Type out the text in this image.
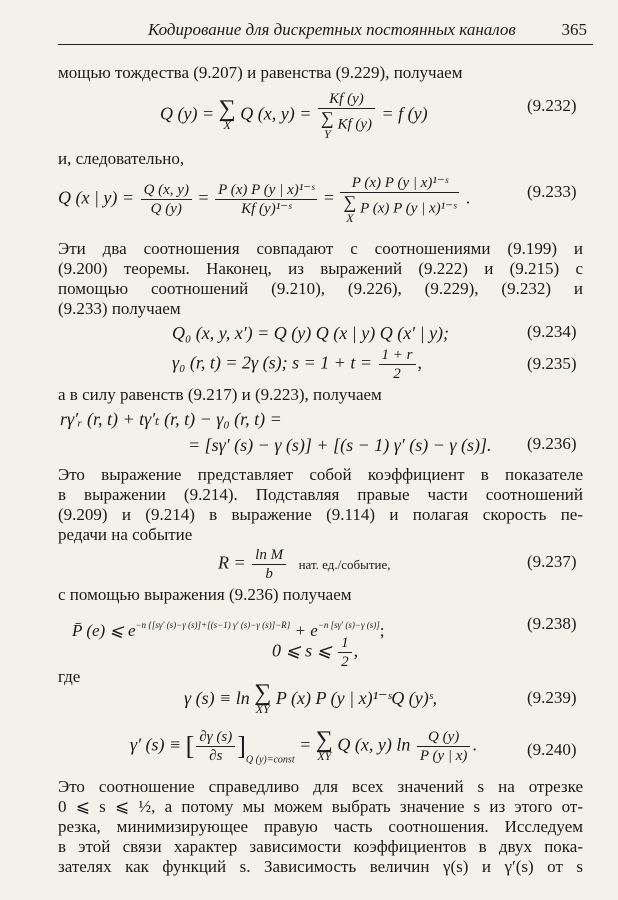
Кодирование для дискретных постоянных каналов	365
мощью тождества (9.207) и равенства (9.229), получаем
Q (y) = ∑
X
Q (x, y) = Kf (y)
∑
Y
Kf (y) = f (y)	(9.232)
и, следовательно,
Q (x | $y) = \frac{Q (x, y)}{Q (y)} = \frac{\text{P (x) P (y | x)¹⁻ˢ}}{\text{Kf (y)¹⁻ˢ}} = P$ (x) P (y | x)¹⁻ˢ
∑
X
P (x) P (y | x)¹⁻ˢ .	(9.233)
Эти два соотношения совпадают с соотношениями (9.199) и
(9.200) теоремы. Наконец, из выражений (9.222) и (9.215) с
помощью соотношений (9.210), (9.226), (9.229), (9.232) и
(9.233) получаем
Q₀ (x, y, x′) = Q (y) Q (x | y) Q (x′ | y);	(9.234)
γ₀ (r, t) = 2γ (s); $s = 1 + t = \frac{1 + r}{2}$ ,	(9.235)
а в силу равенств (9.217) и (9.223), получаем
rγ′ᵣ (r, t) + tγ′ₜ (r, t) − γ₀ (r, t) =
= [sγ′ (s) − γ (s)] + [(s − 1) γ′ (s) − γ (s)]. (9.236)
Это выражение представляет собой коэффициент в показателе
в выражении (9.214). Подставляя правые части соотношений
(9.209) и (9.214) в выражение (9.114) и полагая скорость пе-
редачи на событие
$R = \frac{\text{ln M}}{b}$ нат. ед./событие,	(9.237)
с помощью выражения (9.236) получаем
P̄ (e) ⩽ $e^{-n \{[s\gamma' (s)-\gamma (s)]+[(s-1) \gamma' (s)-\gamma (s)]-R\}} + e^{-n [s\gamma' (s)-\gamma (s)]}$;	(9.238)
0 ⩽ s ⩽ $\frac{1}{2}$ ,
где
γ (s) ≡ ln ∑
XY
P (x) P (y | x)¹⁻ˢQ (y)ˢ,	(9.239)
γ′ (s) ≡ [ $\frac{\partial\gamma (s)}{\partial s} ]_{Q (y)=const}$ = ∑
XY
Q (x, y) $\ln \frac{Q (y)}{P (y | x)}$ .	(9.240)
Это соотношение справедливо для всех значений s на отрезке
0 ⩽ s ⩽ ½, а потому мы можем выбрать значение s из этого от-
резка, минимизирующее правую часть соотношения. Исследуем
в этой связи характер зависимости коэффициентов в двух пока-
зателях как функций s. Зависимость величин γ(s) и γ′(s) от s
